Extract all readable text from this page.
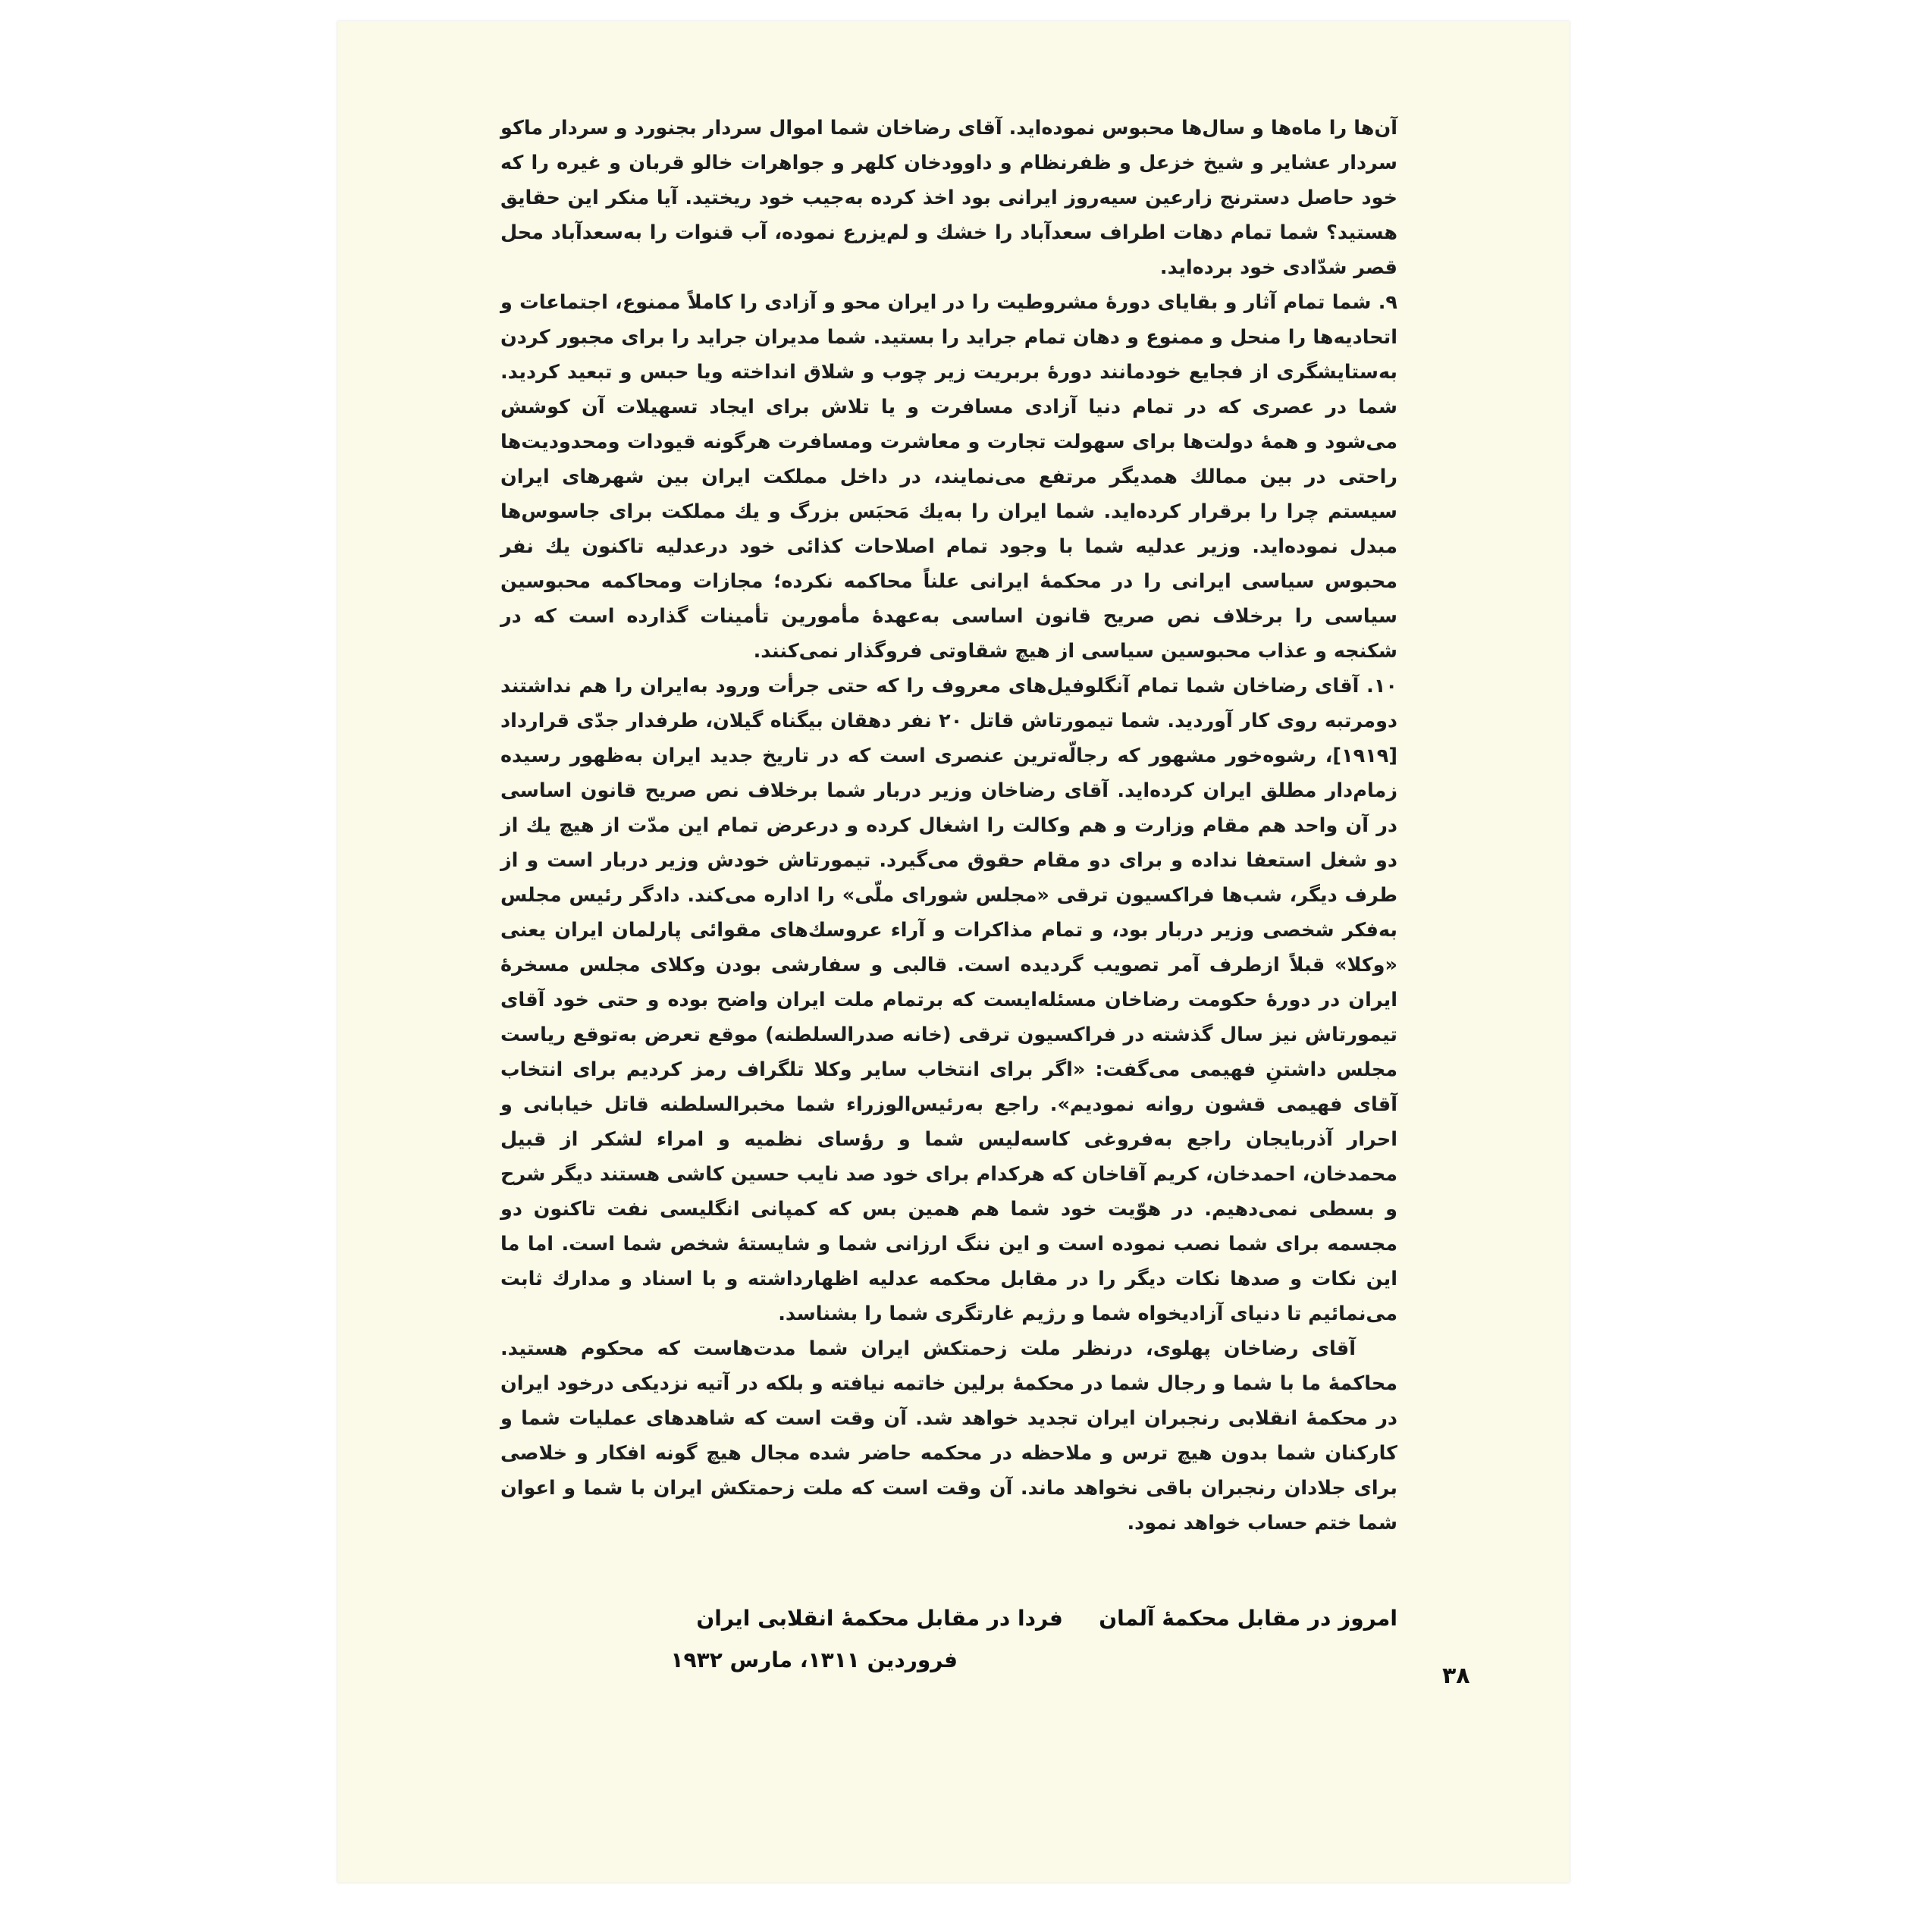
آن‌ها را ماه‌ها و سال‌ها محبوس نموده‌اید. آقای رضاخان شما اموال سردار بجنورد و سردار ماکو سردار عشایر و شیخ خزعل و ظفرنظام و داوودخان کلهر و جواهرات خالو قربان و غیره را که خود حاصل دسترنج زارعین سیه‌روز ایرانی بود اخذ کرده به‌جیب خود ریختید. آیا منکر این حقایق هستید؟ شما تمام دهات اطراف سعدآباد را خشك و لم‌یزرع نموده، آب قنوات را به‌سعدآباد محل قصر شدّادی خود برده‌اید.

۹. شما تمام آثار و بقایای دورهٔ مشروطیت را در ایران محو و آزادی را کاملاً ممنوع، اجتماعات و اتحادیه‌ها را منحل و ممنوع و دهان تمام جراید را بستید. شما مدیران جراید را برای مجبور کردن به‌ستایشگری از فجایع خودمانند دورهٔ بربریت زیر چوب و شلاق انداخته ویا حبس و تبعید کردید. شما در عصری که در تمام دنیا آزادی مسافرت و یا تلاش برای ایجاد تسهیلات آن کوشش می‌شود و همهٔ دولت‌ها برای سهولت تجارت و معاشرت ومسافرت هرگونه قیودات ومحدودیت‌ها راحتی در بین ممالك همدیگر مرتفع می‌نمایند، در داخل مملکت ایران بین شهرهای ایران سیستم چرا را برقرار کرده‌اید. شما ایران را به‌یك مَحبَس بزرگ و یك مملکت برای جاسوس‌ها مبدل نموده‌اید. وزیر عدلیه شما با وجود تمام اصلاحات کذائی خود درعدلیه تاکنون یك نفر محبوس سیاسی ایرانی را در محکمهٔ ایرانی علناً محاکمه نکرده؛ مجازات ومحاکمه محبوسین سیاسی را برخلاف نص صریح قانون اساسی به‌عهدهٔ مأمورین تأمینات گذارده است که در شکنجه و عذاب محبوسین سیاسی از هیچ شقاوتی فروگذار نمی‌کنند.

۱۰. آقای رضاخان شما تمام آنگلوفیل‌های معروف را که حتی جرأت ورود به‌ایران را هم نداشتند دومرتبه روی کار آوردید. شما تیمورتاش قاتل ۲۰ نفر دهقان بیگناه گیلان، طرفدار جدّی قرارداد [۱۹۱۹]، رشوه‌خور مشهور که رجالّه‌ترین عنصری است که در تاریخ جدید ایران به‌ظهور رسیده زمام‌دار مطلق ایران کرده‌اید. آقای رضاخان وزیر دربار شما برخلاف نص صریح قانون اساسی در آن واحد هم مقام وزارت و هم وکالت را اشغال کرده و درعرض تمام این مدّت از هیچ یك از دو شغل استعفا نداده و برای دو مقام حقوق می‌گیرد. تیمورتاش خودش وزیر دربار است و از طرف دیگر، شب‌ها فراکسیون ترقی «مجلس شورای ملّی» را اداره می‌کند. دادگر رئیس مجلس به‌فکر شخصی وزیر دربار بود، و تمام مذاکرات و آراء عروسك‌های مقوائی پارلمان ایران یعنی «وکلا» قبلاً ازطرف آمر تصویب گردیده است. قالبی و سفارشی بودن وکلای مجلس مسخرهٔ ایران در دورهٔ حکومت رضاخان مسئله‌ایست که برتمام ملت ایران واضح بوده و حتی خود آقای تیمورتاش نیز سال گذشته در فراکسیون ترقی (خانه صدرالسلطنه) موقع تعرض به‌توقع ریاست مجلس داشتنِ فهیمی می‌گفت: «اگر برای انتخاب سایر وکلا تلگراف رمز کردیم برای انتخاب آقای فهیمی قشون روانه نمودیم». راجع به‌رئیس‌الوزراء شما مخبرالسلطنه قاتل خیابانی و احرار آذربایجان راجع به‌فروغی کاسه‌لیس شما و رؤسای نظمیه و امراء لشکر از قبیل محمدخان، احمدخان، کریم آقاخان که هرکدام برای خود صد نایب حسین کاشی هستند دیگر شرح و بسطی نمی‌دهیم. در هوّیت خود شما هم همین بس که کمپانی انگلیسی نفت تاکنون دو مجسمه برای شما نصب نموده است و این ننگ ارزانی شما و شایستهٔ شخص شما است. اما ما این نکات و صدها نکات دیگر را در مقابل محکمه عدلیه اظهارداشته و با اسناد و مدارك ثابت می‌نمائیم تا دنیای آزادیخواه شما و رژیم غارتگری شما را بشناسد.

آقای رضاخان پهلوی، درنظر ملت زحمتکش ایران شما مدت‌هاست که محکوم هستید. محاکمهٔ ما با شما و رجال شما در محکمهٔ برلین خاتمه نیافته و بلکه در آتیه نزدیکی درخود ایران در محکمهٔ انقلابی رنجبران ایران تجدید خواهد شد. آن وقت است که شاهدهای عملیات شما و کارکنان شما بدون هیچ ترس و ملاحظه در محکمه حاضر شده مجال هیچ گونه افکار و خلاصی برای جلادان رنجبران باقی نخواهد ماند. آن وقت است که ملت زحمتکش ایران با شما و اعوان شما ختم حساب خواهد نمود.

امروز در مقابل محکمهٔ آلمان  فردا در مقابل محکمهٔ انقلابی ایران
فروردین ۱۳۱۱، مارس ۱۹۳۲
۳۸
